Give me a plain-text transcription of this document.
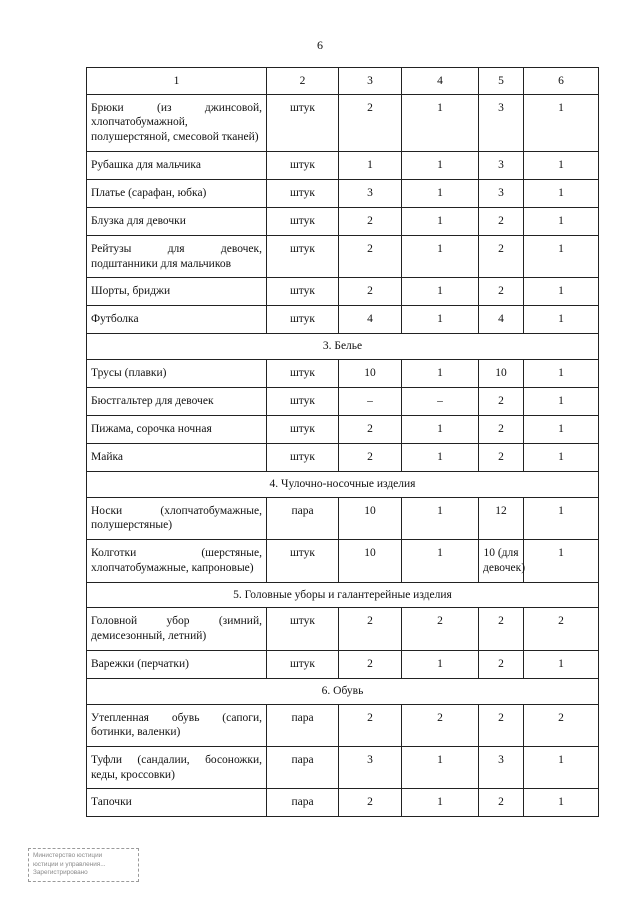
6
1	2	3	4	5	6
Брюки (из джинсовой, хлопчатобумажной, полушерстяной, смесовой тканей)	штук	2	1	3	1
Рубашка для мальчика	штук	1	1	3	1
Платье (сарафан, юбка)	штук	3	1	3	1
Блузка для девочки	штук	2	1	2	1
Рейтузы для девочек, подштанники для мальчиков	штук	2	1	2	1
Шорты, бриджи	штук	2	1	2	1
Футболка	штук	4	1	4	1
3. Белье					
Трусы (плавки)	штук	10	1	10	1
Бюстгальтер для девочек	штук	–	–	2	1
Пижама, сорочка ночная	штук	2	1	2	1
Майка	штук	2	1	2	1
4. Чулочно-носочные изделия					
Носки (хлопчатобумажные, полушерстяные)	пара	10	1	12	1
Колготки (шерстяные, хлопчатобумажные, капроновые)	штук	10	1	10 (для девочек)	1
5. Головные уборы и галантерейные изделия					
Головной убор (зимний, демисезонный, летний)	штук	2	2	2	2
Варежки (перчатки)	штук	2	1	2	1
6. Обувь					
Утепленная обувь (сапоги, ботинки, валенки)	пара	2	2	2	2
Туфли (сандалии, босоножки, кеды, кроссовки)	пара	3	1	3	1
Тапочки	пара	2	1	2	1
Министерство юстиции
юстиции и управления...
Зарегистрировано
